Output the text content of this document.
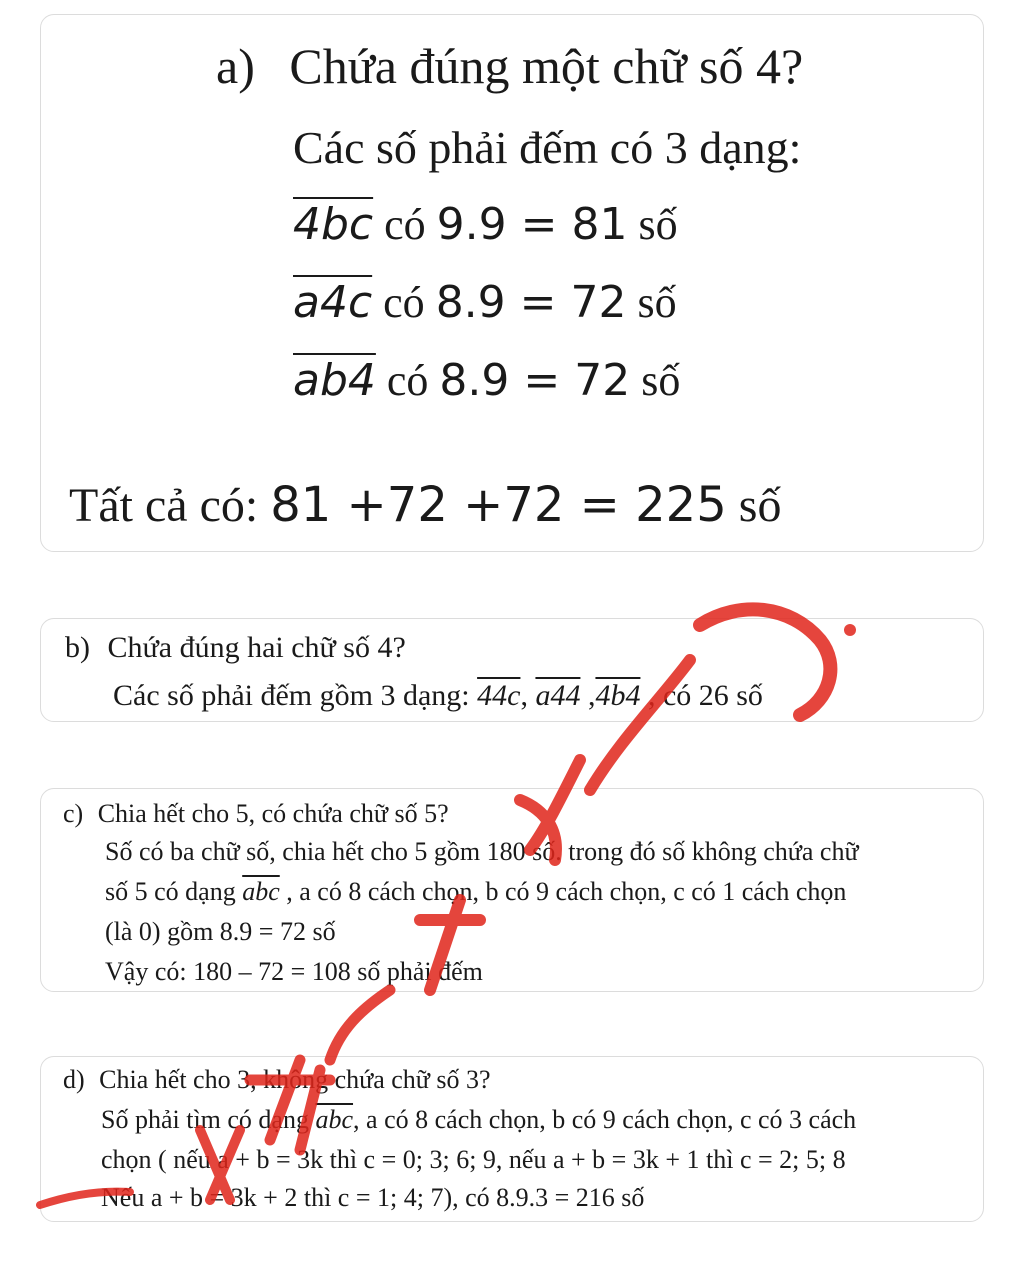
a) Chứa đúng một chữ số 4?
Các số phải đếm có 3 dạng:
4bc có 9.9 = 81 số
a4c có 8.9 = 72 số
ab4 có 8.9 = 72 số
Tất cả có: 81 +72 +72 = 225 số
b) Chứa đúng hai chữ số 4?
Các số phải đếm gồm 3 dạng: 44c, a44 ,4b4 , có 26 số
c) Chia hết cho 5, có chứa chữ số 5?
Số có ba chữ số, chia hết cho 5 gồm 180 số. trong đó số không chứa chữ
số 5 có dạng $\overline{abc}$ , a có 8 cách chọn, b có 9 cách chọn, c có 1 cách chọn
(là 0) gồm 8.9 = 72 số
Vậy có: 180 – 72 = 108 số phải đếm
d) Chia hết cho 3, không chứa chữ số 3?
Số phải tìm có dạng $\overline{abc}$, a có 8 cách chọn, b có 9 cách chọn, c có 3 cách
chọn ( nếu a + b = 3k thì c = 0; 3; 6; 9, nếu a + b = 3k + 1 thì c = 2; 5; 8
Nếu a + b = 3k + 2 thì c = 1; 4; 7), có 8.9.3 = 216 số
